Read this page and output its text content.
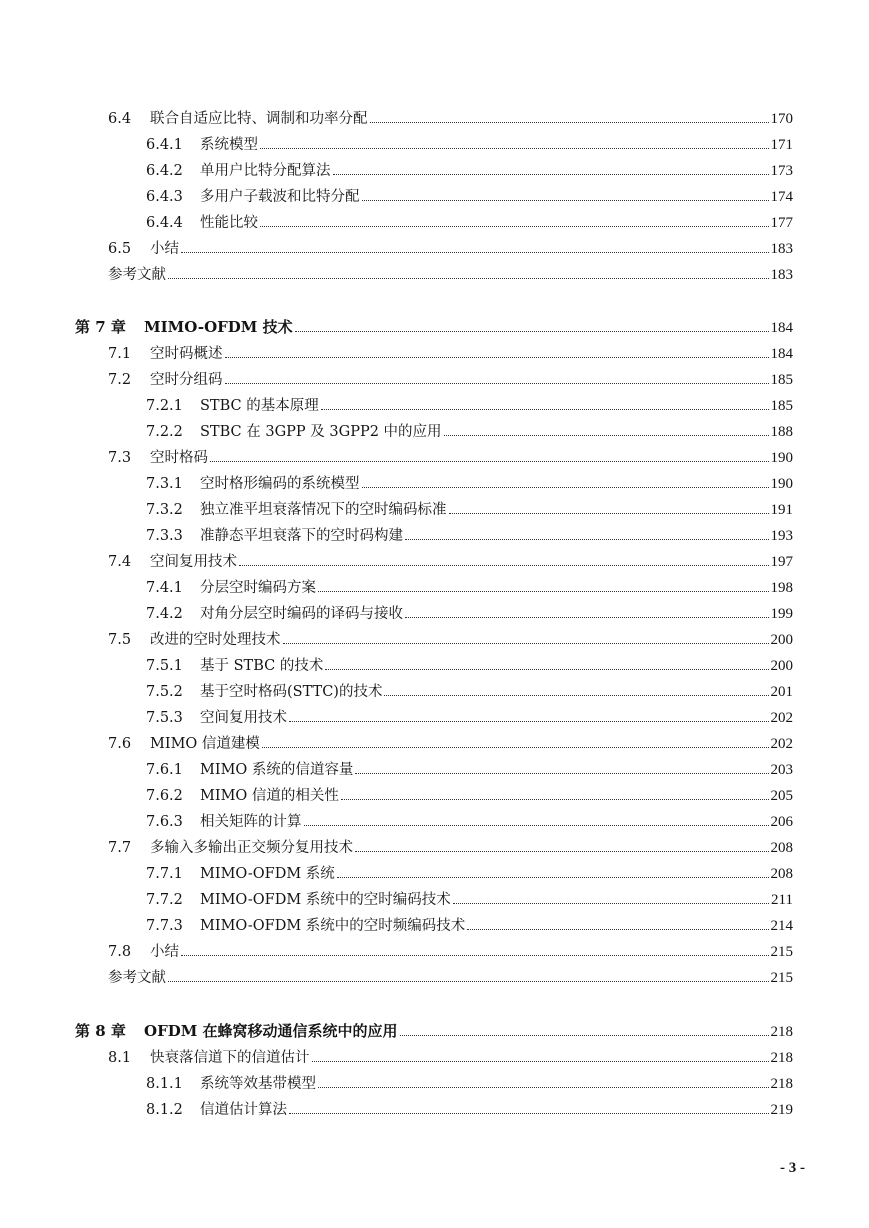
6.4	联合自适应比特、调制和功率分配	170
6.4.1	系统模型	171
6.4.2	单用户比特分配算法	173
6.4.3	多用户子载波和比特分配	174
6.4.4	性能比较	177
6.5	小结	183
参考文献	183
第 7 章	MIMO-OFDM 技术	184
7.1	空时码概述	184
7.2	空时分组码	185
7.2.1	STBC 的基本原理	185
7.2.2	STBC 在 3GPP 及 3GPP2 中的应用	188
7.3	空时格码	190
7.3.1	空时格形编码的系统模型	190
7.3.2	独立准平坦衰落情况下的空时编码标准	191
7.3.3	准静态平坦衰落下的空时码构建	193
7.4	空间复用技术	197
7.4.1	分层空时编码方案	198
7.4.2	对角分层空时编码的译码与接收	199
7.5	改进的空时处理技术	200
7.5.1	基于 STBC 的技术	200
7.5.2	基于空时格码(STTC)的技术	201
7.5.3	空间复用技术	202
7.6	MIMO 信道建模	202
7.6.1	MIMO 系统的信道容量	203
7.6.2	MIMO 信道的相关性	205
7.6.3	相关矩阵的计算	206
7.7	多输入多输出正交频分复用技术	208
7.7.1	MIMO-OFDM 系统	208
7.7.2	MIMO-OFDM 系统中的空时编码技术	211
7.7.3	MIMO-OFDM 系统中的空时频编码技术	214
7.8	小结	215
参考文献	215
第 8 章	OFDM 在蜂窝移动通信系统中的应用	218
8.1	快衰落信道下的信道估计	218
8.1.1	系统等效基带模型	218
8.1.2	信道估计算法	219
- 3 -
